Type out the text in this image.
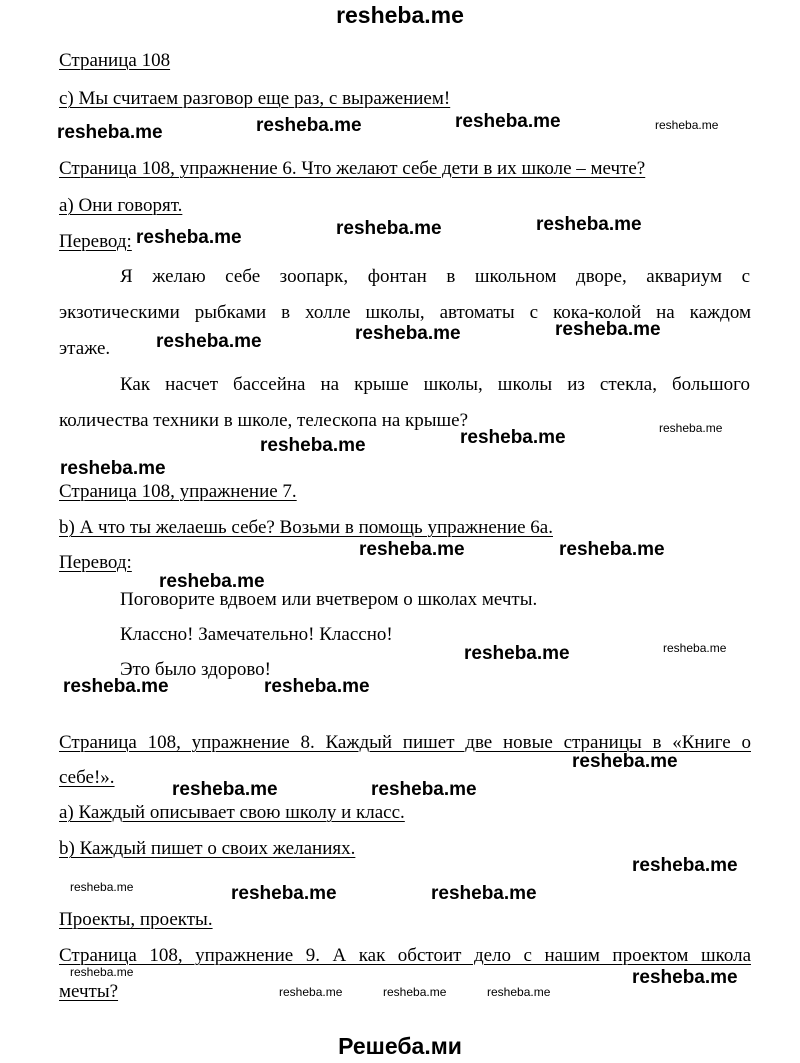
resheba.me
Страница 108
c) Мы считаем разговор еще раз, с выражением!
Страница 108, упражнение 6. Что желают себе дети в их школе – мечте?
a) Они говорят.
Перевод:
Я желаю себе зоопарк, фонтан в школьном дворе, аквариум с
экзотическими рыбками в холле школы, автоматы с кока-колой на каждом
этаже.
Как насчет бассейна на крыше школы, школы из стекла, большого
количества техники в школе, телескопа на крыше?
Страница 108, упражнение 7.
b) А что ты желаешь себе? Возьми в помощь упражнение 6a.
Перевод:
Поговорите вдвоем или вчетвером о школах мечты.
Классно! Замечательно! Классно!
Это было здорово!
Страница 108, упражнение 8. Каждый пишет две новые страницы в «Книге о
себе!».
a) Каждый описывает свою школу и класс.
b) Каждый пишет о своих желаниях.
Проекты, проекты.
Страница 108, упражнение 9. А как обстоит дело с нашим проектом школа
мечты?
Решеба.ми
resheba.me	resheba.me	resheba.me
resheba.me	resheba.me	resheba.me
resheba.me	resheba.me	resheba.me
resheba.me	resheba.me
resheba.me
resheba.me	resheba.me
resheba.me
resheba.me
resheba.me	resheba.me
resheba.me
resheba.me	resheba.me
resheba.me
resheba.me	resheba.me
resheba.me
resheba.me
resheba.me
resheba.me
resheba.me
resheba.me
resheba.me	resheba.me	resheba.me
